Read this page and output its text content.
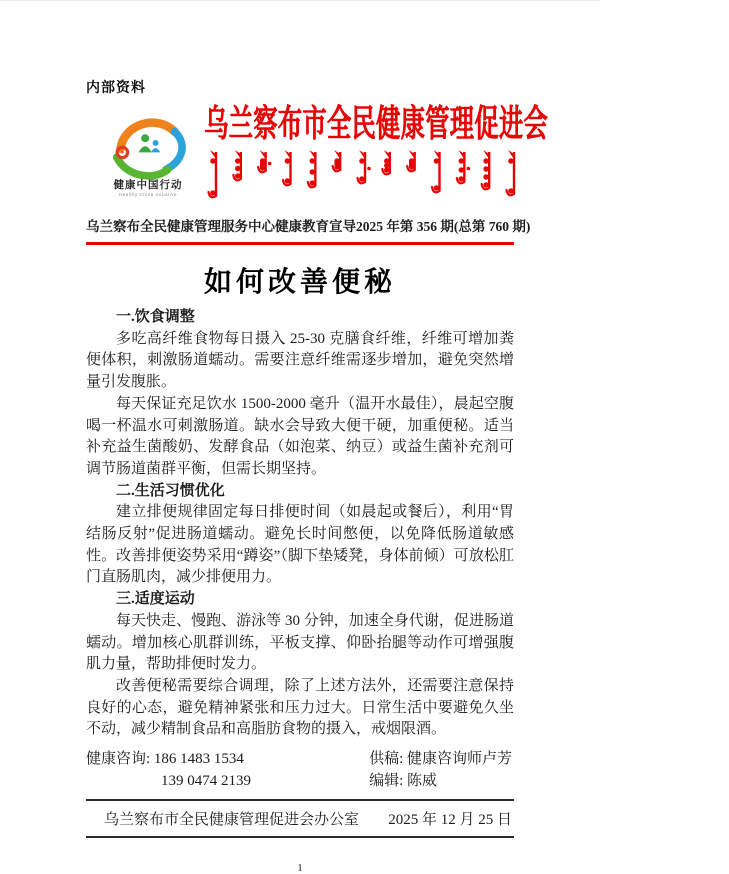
内部资料
健康中国行动
Healthy China Initiative
乌兰察布市全民健康管理促进会
乌兰察布全民健康管理服务中心健康教育宣导 2025 年第 356 期(总第 760 期)
如何改善便秘
一.饮食调整

多吃高纤维食物每日摄入 25-30 克膳食纤维，纤维可增加粪便体积，刺激肠道蠕动。需要注意纤维需逐步增加，避免突然增量引发腹胀。

每天保证充足饮水 1500-2000 毫升（温开水最佳），晨起空腹喝一杯温水可刺激肠道。缺水会导致大便干硬，加重便秘。适当补充益生菌酸奶、发酵食品（如泡菜、纳豆）或益生菌补充剂可调节肠道菌群平衡，但需长期坚持。

二.生活习惯优化

建立排便规律固定每日排便时间（如晨起或餐后），利用“胃结肠反射”促进肠道蠕动。避免长时间憋便，以免降低肠道敏感性。改善排便姿势采用“蹲姿”（脚下垫矮凳，身体前倾）可放松肛门直肠肌肉，减少排便用力。

三.适度运动

每天快走、慢跑、游泳等 30 分钟，加速全身代谢，促进肠道蠕动。增加核心肌群训练，平板支撑、仰卧抬腿等动作可增强腹肌力量，帮助排便时发力。

改善便秘需要综合调理，除了上述方法外，还需要注意保持良好的心态，避免精神紧张和压力过大。日常生活中要避免久坐不动，减少精制食品和高脂肪食物的摄入，戒烟限酒。

健康咨询: 186 1483 1534
139 0474 2139
供稿: 健康咨询师卢芳
编辑: 陈威
乌兰察布市全民健康管理促进会办公室 2025 年 12 月 25 日
1
